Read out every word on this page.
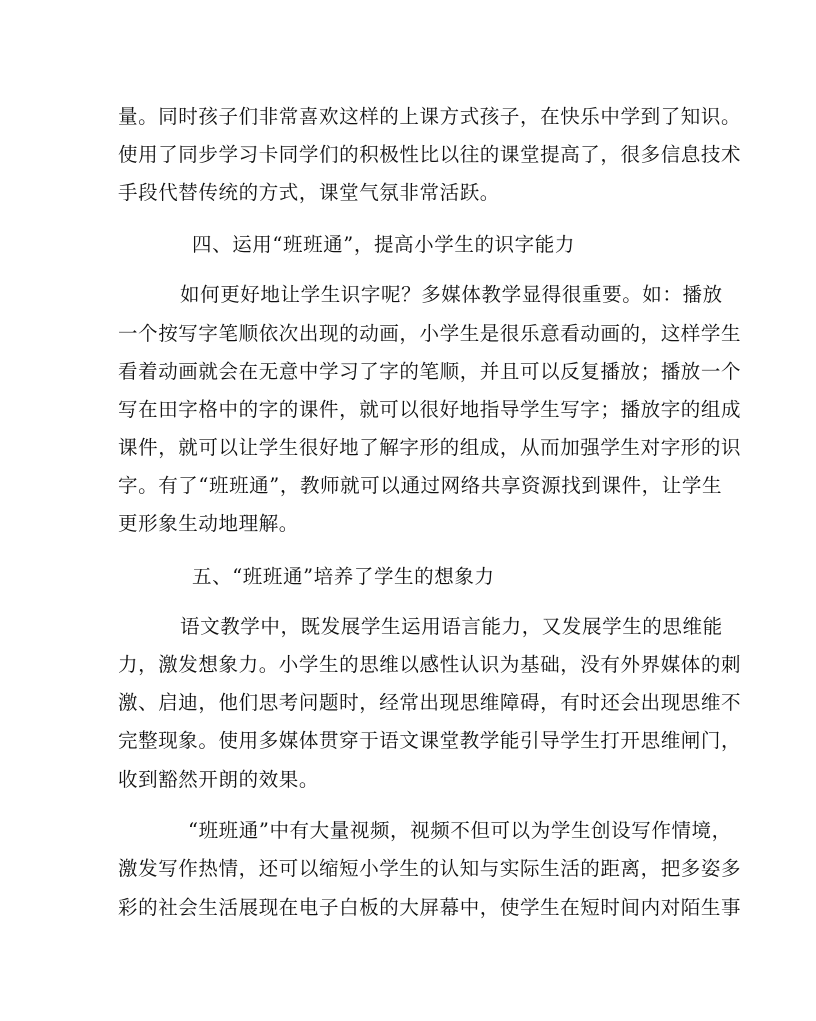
量。同时孩子们非常喜欢这样的上课方式孩子，在快乐中学到了知识。
使用了同步学习卡同学们的积极性比以往的课堂提高了，很多信息技术
手段代替传统的方式，课堂气氛非常活跃。
四、运用“班班通”，提高小学生的识字能力
如何更好地让学生识字呢？多媒体教学显得很重要。如：播放
一个按写字笔顺依次出现的动画，小学生是很乐意看动画的，这样学生
看着动画就会在无意中学习了字的笔顺，并且可以反复播放；播放一个
写在田字格中的字的课件，就可以很好地指导学生写字；播放字的组成
课件，就可以让学生很好地了解字形的组成，从而加强学生对字形的识
字。有了“班班通”，教师就可以通过网络共享资源找到课件，让学生
更形象生动地理解。
五、“班班通”培养了学生的想象力
语文教学中，既发展学生运用语言能力，又发展学生的思维能
力，激发想象力。小学生的思维以感性认识为基础，没有外界媒体的刺
激、启迪，他们思考问题时，经常出现思维障碍，有时还会出现思维不
完整现象。使用多媒体贯穿于语文课堂教学能引导学生打开思维闸门，
收到豁然开朗的效果。
“班班通”中有大量视频，视频不但可以为学生创设写作情境，
激发写作热情，还可以缩短小学生的认知与实际生活的距离，把多姿多
彩的社会生活展现在电子白板的大屏幕中，使学生在短时间内对陌生事
